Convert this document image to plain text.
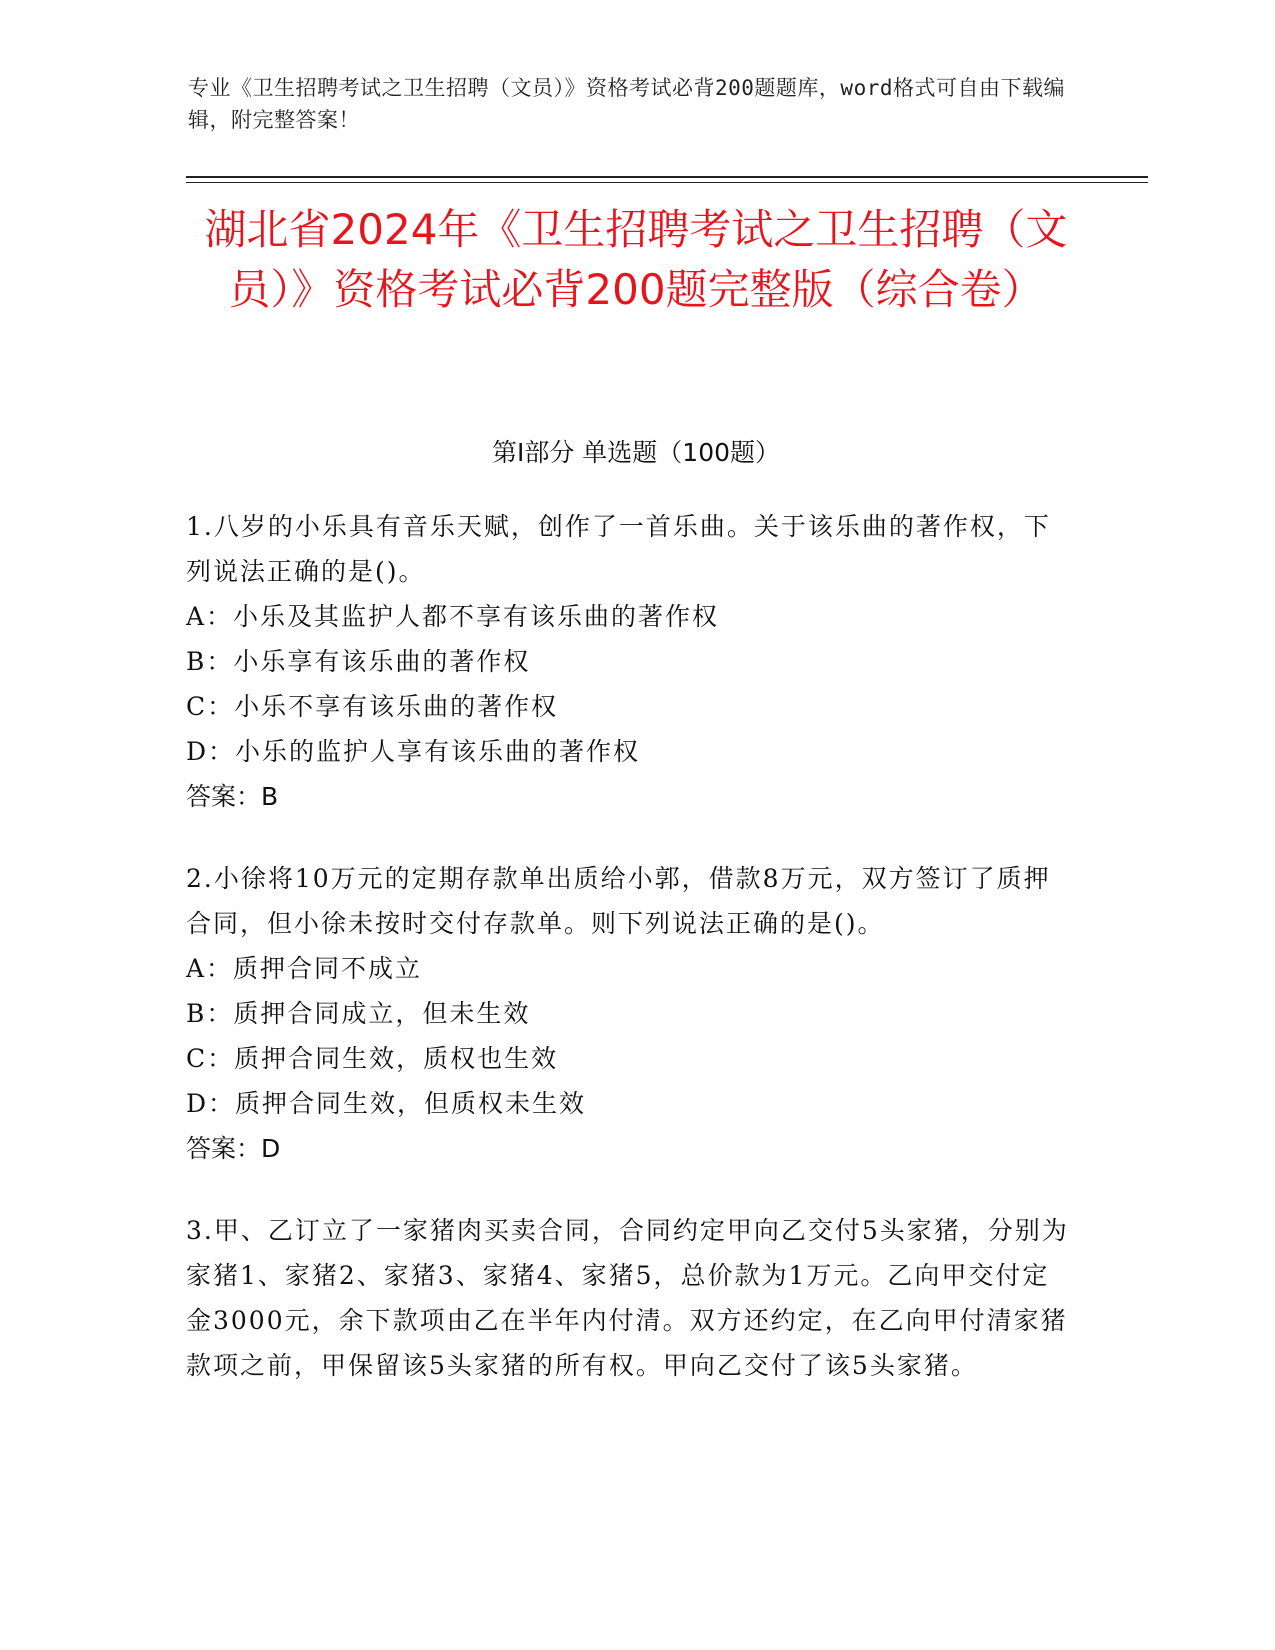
专业《卫生招聘考试之卫生招聘（文员）》资格考试必背200题题库，word格式可自由下载编辑，附完整答案！
湖北省2024年《卫生招聘考试之卫生招聘（文员）》资格考试必背200题完整版（综合卷）
第I部分 单选题（100题）

1.八岁的小乐具有音乐天赋，创作了一首乐曲。关于该乐曲的著作权，下列说法正确的是()。

A：小乐及其监护人都不享有该乐曲的著作权

B：小乐享有该乐曲的著作权

C：小乐不享有该乐曲的著作权

D：小乐的监护人享有该乐曲的著作权

答案：B

2.小徐将10万元的定期存款单出质给小郭，借款8万元，双方签订了质押合同，但小徐未按时交付存款单。则下列说法正确的是()。

A：质押合同不成立

B：质押合同成立，但未生效

C：质押合同生效，质权也生效

D：质押合同生效，但质权未生效

答案：D

3.甲、乙订立了一家猪肉买卖合同，合同约定甲向乙交付5头家猪，分别为家猪1、家猪2、家猪3、家猪4、家猪5，总价款为1万元。乙向甲交付定金3000元，余下款项由乙在半年内付清。双方还约定，在乙向甲付清家猪款项之前，甲保留该5头家猪的所有权。甲向乙交付了该5头家猪。
